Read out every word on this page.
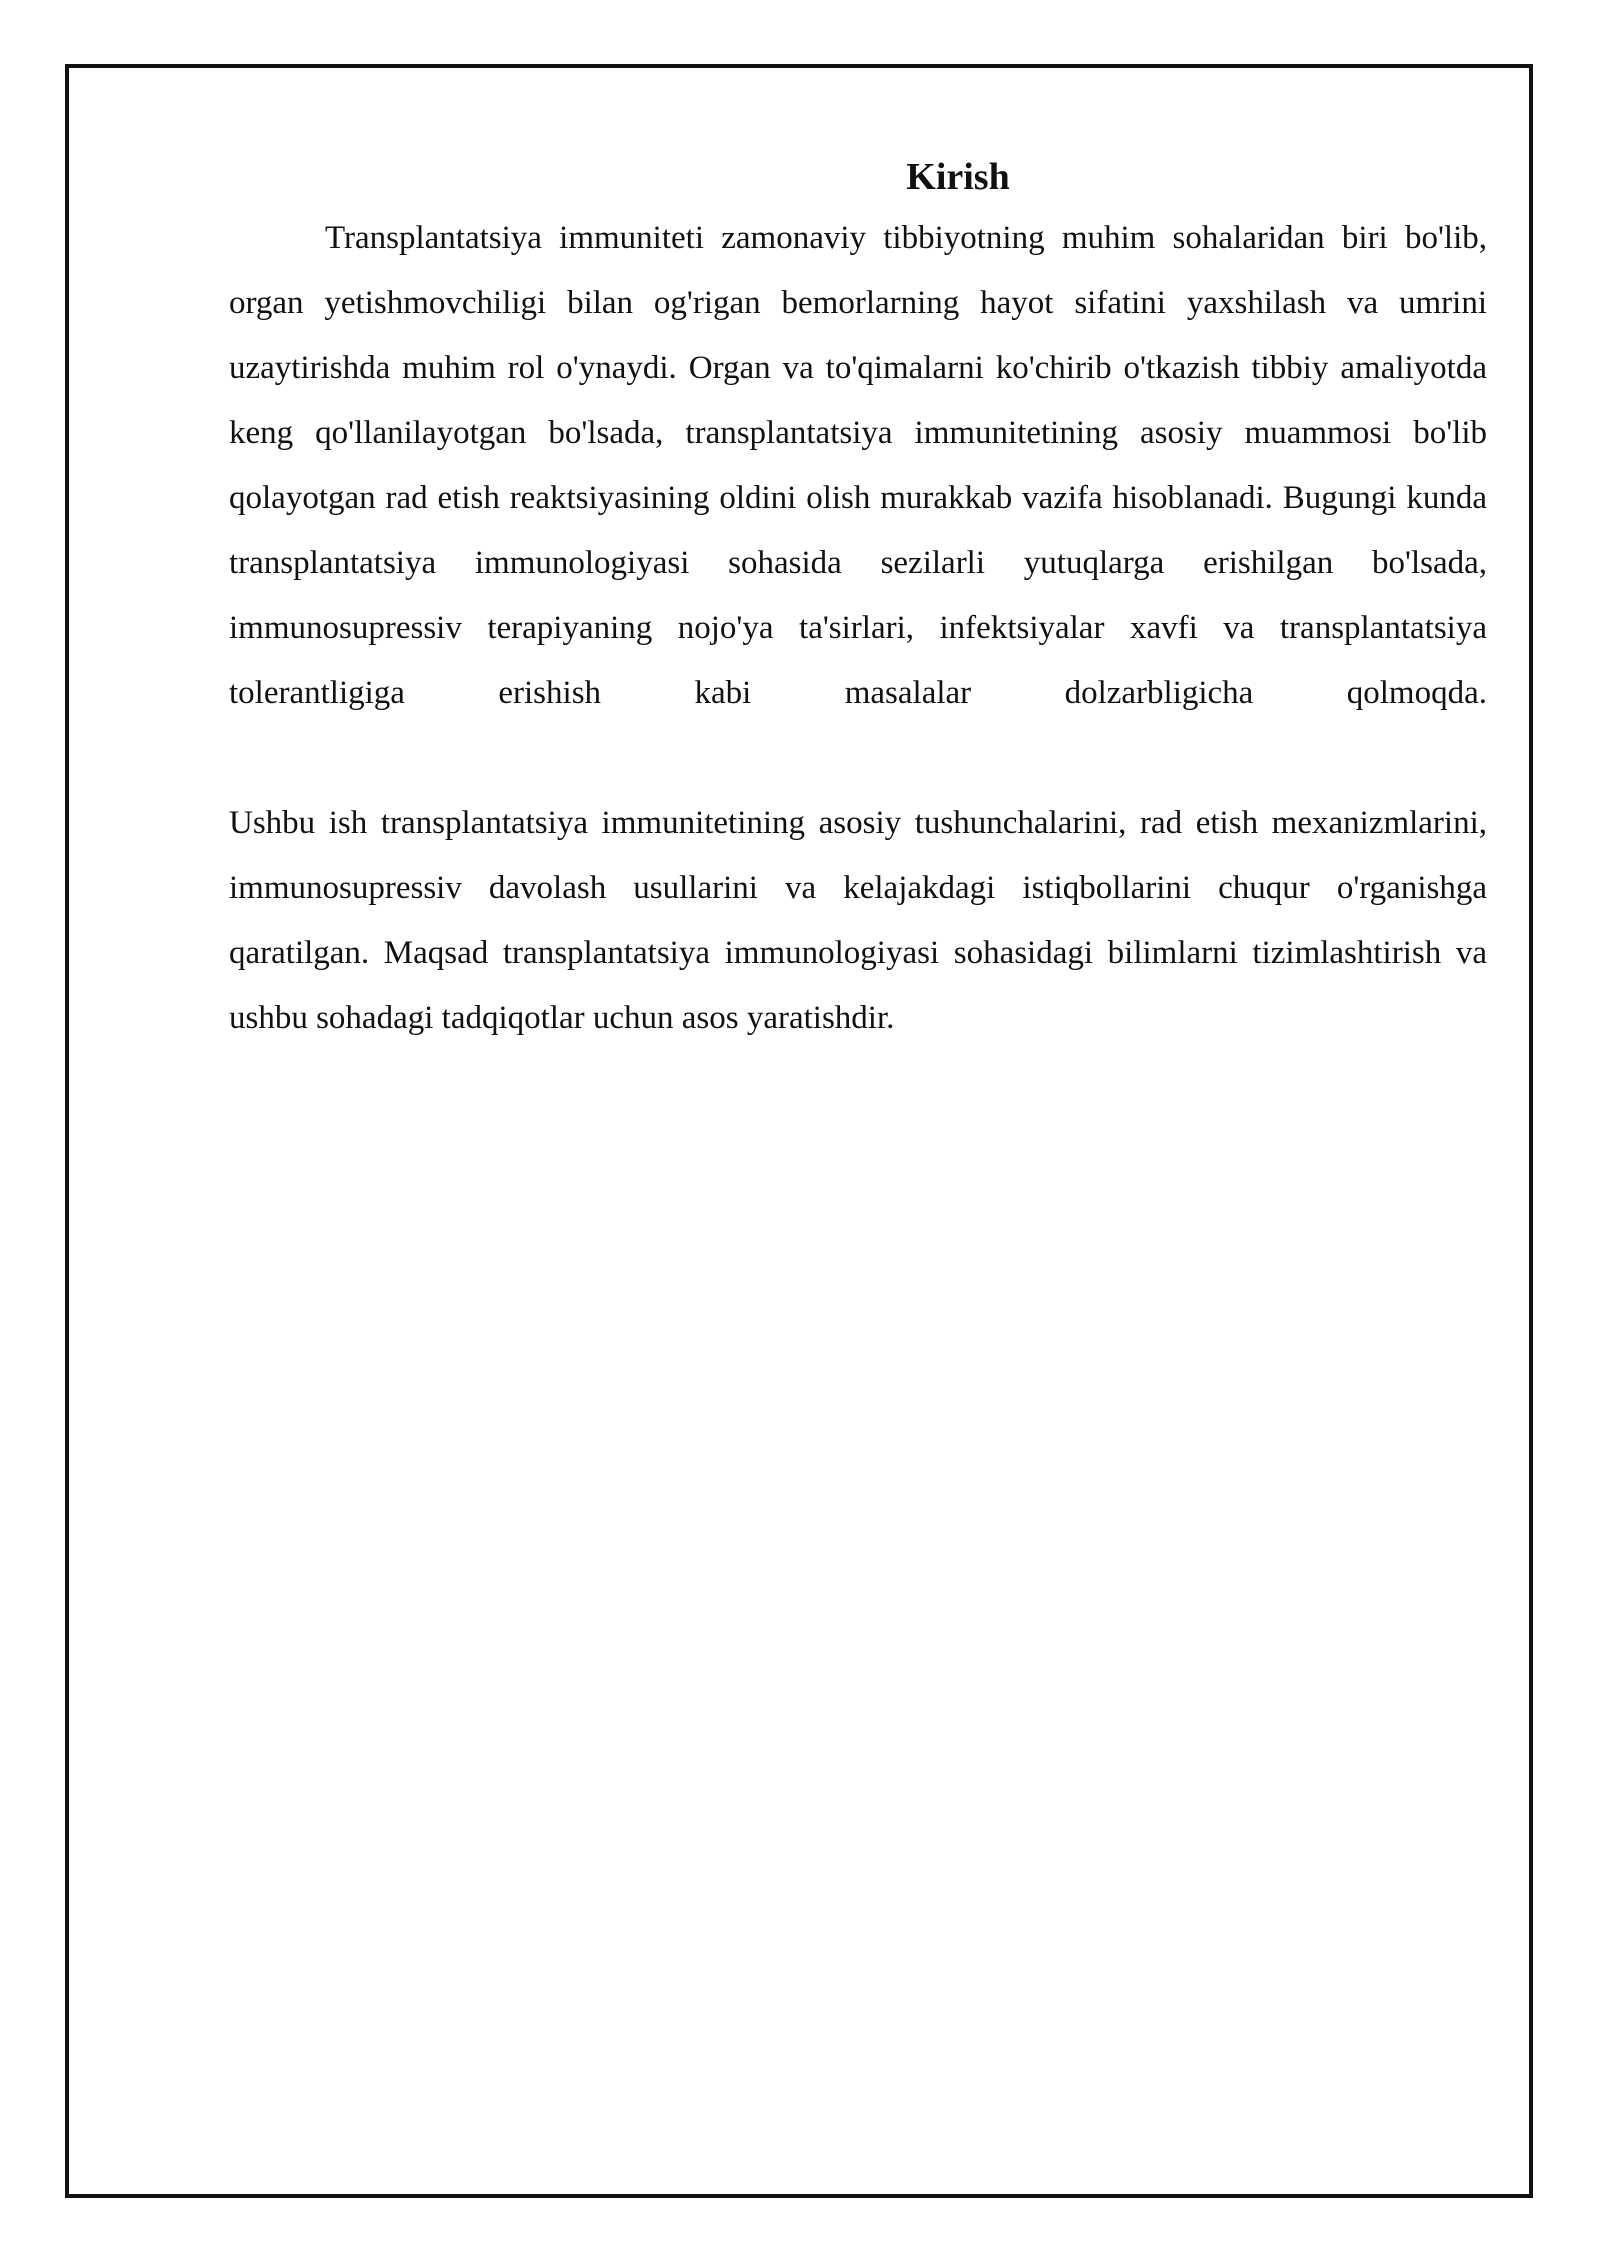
Kirish

Transplantatsiya immuniteti zamonaviy tibbiyotning muhim sohalaridan biri bo'lib, organ yetishmovchiligi bilan og'rigan bemorlarning hayot sifatini yaxshilash va umrini uzaytirishda muhim rol o'ynaydi. Organ va to'qimalarni ko'chirib o'tkazish tibbiy amaliyotda keng qo'llanilayotgan bo'lsada, transplantatsiya immunitetining asosiy muammosi bo'lib qolayotgan rad etish reaktsiyasining oldini olish murakkab vazifa hisoblanadi. Bugungi kunda transplantatsiya immunologiyasi sohasida sezilarli yutuqlarga erishilgan bo'lsada, immunosupressiv terapiyaning nojo'ya ta'sirlari, infektsiyalar xavfi va transplantatsiya tolerantligiga erishish kabi masalalar dolzarbligicha qolmoqda.

Ushbu ish transplantatsiya immunitetining asosiy tushunchalarini, rad etish mexanizmlarini, immunosupressiv davolash usullarini va kelajakdagi istiqbollarini chuqur o'rganishga qaratilgan. Maqsad transplantatsiya immunologiyasi sohasidagi bilimlarni tizimlashtirish va ushbu sohadagi tadqiqotlar uchun asos yaratishdir.
